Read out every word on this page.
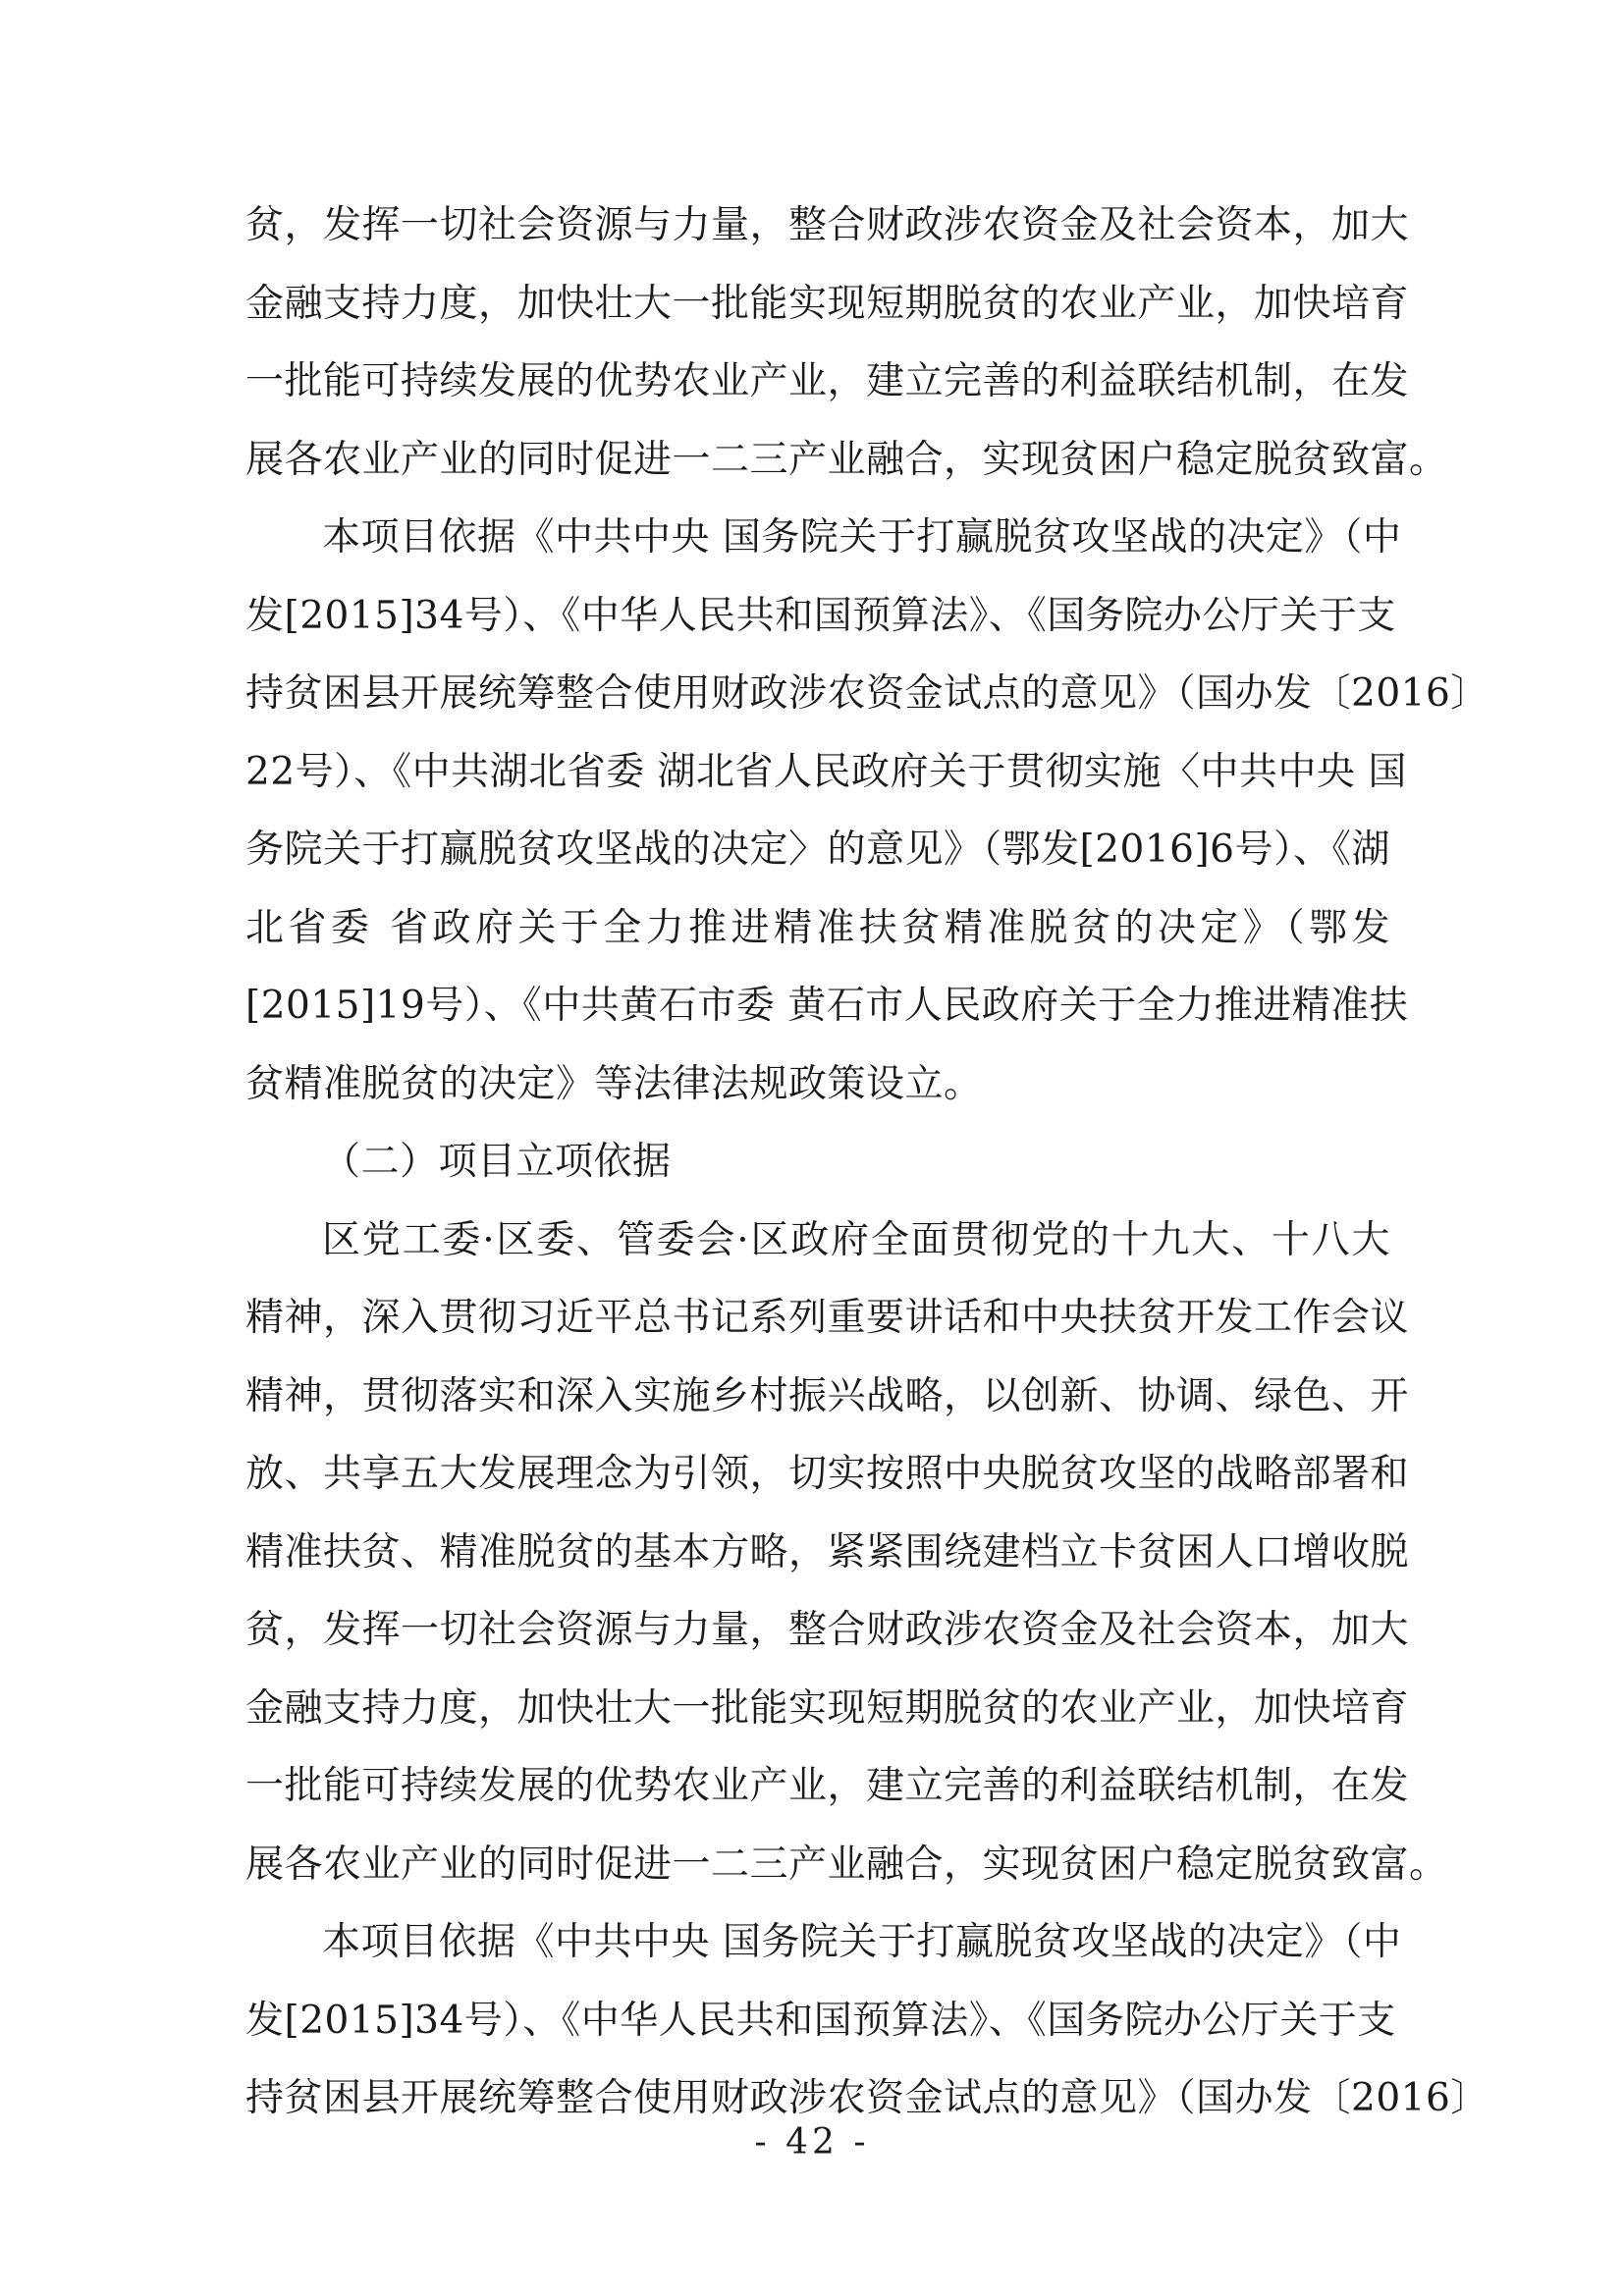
贫，发挥一切社会资源与力量，整合财政涉农资金及社会资本，加大
金融支持力度，加快壮大一批能实现短期脱贫的农业产业，加快培育
一批能可持续发展的优势农业产业，建立完善的利益联结机制，在发
展各农业产业的同时促进一二三产业融合，实现贫困户稳定脱贫致富。
本项目依据《中共中央 国务院关于打赢脱贫攻坚战的决定》（中
发[2015]34号）、《中华人民共和国预算法》、《国务院办公厅关于支
持贫困县开展统筹整合使用财政涉农资金试点的意见》（国办发〔2016〕
22号）、《中共湖北省委 湖北省人民政府关于贯彻实施〈中共中央 国
务院关于打赢脱贫攻坚战的决定〉的意见》（鄂发[2016]6号）、《湖
北省委 省政府关于全力推进精准扶贫精准脱贫的决定》（鄂发
[2015]19号）、《中共黄石市委 黄石市人民政府关于全力推进精准扶
贫精准脱贫的决定》等法律法规政策设立。
（二）项目立项依据
区党工委·区委、管委会·区政府全面贯彻党的十九大、十八大
精神，深入贯彻习近平总书记系列重要讲话和中央扶贫开发工作会议
精神，贯彻落实和深入实施乡村振兴战略，以创新、协调、绿色、开
放、共享五大发展理念为引领，切实按照中央脱贫攻坚的战略部署和
精准扶贫、精准脱贫的基本方略，紧紧围绕建档立卡贫困人口增收脱
贫，发挥一切社会资源与力量，整合财政涉农资金及社会资本，加大
金融支持力度，加快壮大一批能实现短期脱贫的农业产业，加快培育
一批能可持续发展的优势农业产业，建立完善的利益联结机制，在发
展各农业产业的同时促进一二三产业融合，实现贫困户稳定脱贫致富。
本项目依据《中共中央 国务院关于打赢脱贫攻坚战的决定》（中
发[2015]34号）、《中华人民共和国预算法》、《国务院办公厅关于支
持贫困县开展统筹整合使用财政涉农资金试点的意见》（国办发〔2016〕
- 42 -
